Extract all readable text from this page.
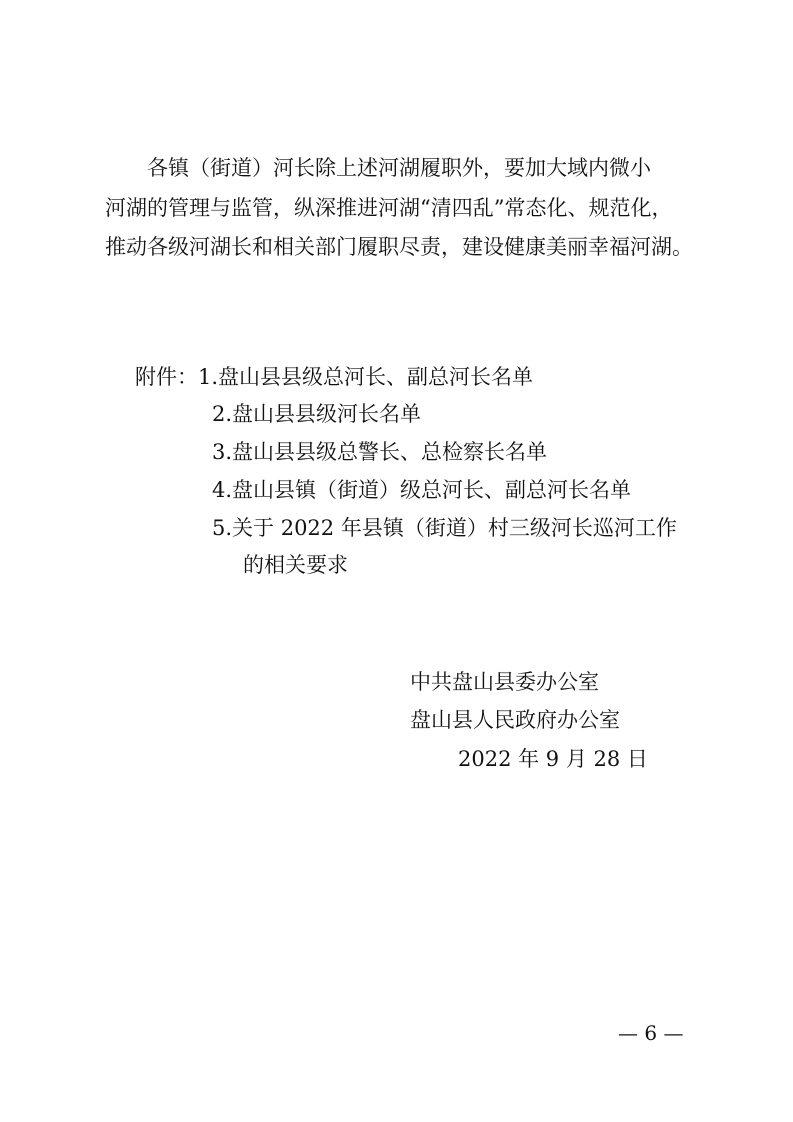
　　各镇（街道）河长除上述河湖履职外，要加大域内微小
河湖的管理与监管，纵深推进河湖“清四乱”常态化、规范化，
推动各级河湖长和相关部门履职尽责，建设健康美丽幸福河湖。
附件：1.盘山县县级总河长、副总河长名单
2.盘山县县级河长名单
3.盘山县县级总警长、总检察长名单
4.盘山县镇（街道）级总河长、副总河长名单
5.关于 2022 年县镇（街道）村三级河长巡河工作
的相关要求
中共盘山县委办公室
盘山县人民政府办公室
2022 年 9 月 28 日
— 6 —
